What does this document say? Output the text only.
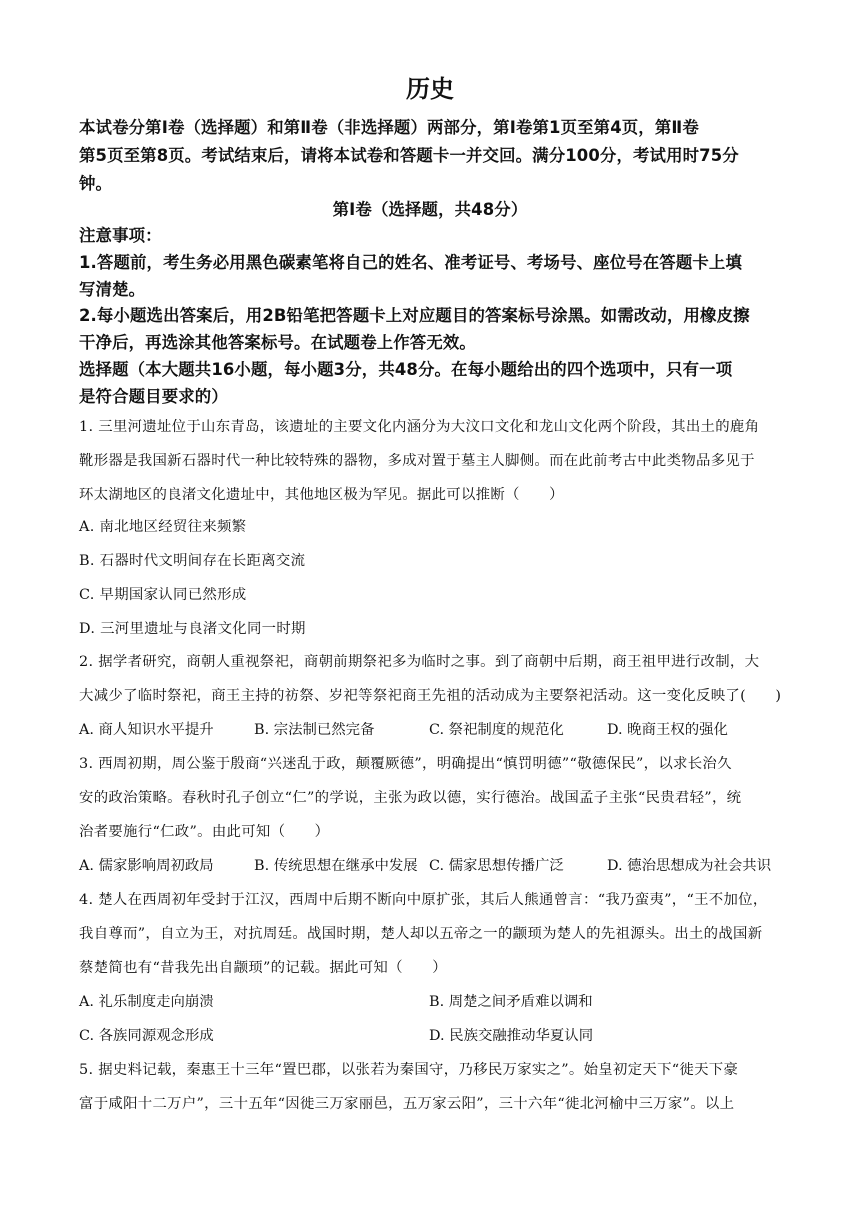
历史
本试卷分第Ⅰ卷（选择题）和第Ⅱ卷（非选择题）两部分，第Ⅰ卷第1页至第4页，第Ⅱ卷
第5页至第8页。考试结束后，请将本试卷和答题卡一并交回。满分100分，考试用时75分
钟。
第Ⅰ卷（选择题，共48分）
注意事项：
1.答题前，考生务必用黑色碳素笔将自己的姓名、准考证号、考场号、座位号在答题卡上填
写清楚。
2.每小题选出答案后，用2B铅笔把答题卡上对应题目的答案标号涂黑。如需改动，用橡皮擦
干净后，再选涂其他答案标号。在试题卷上作答无效。
选择题（本大题共16小题，每小题3分，共48分。在每小题给出的四个选项中，只有一项
是符合题目要求的）
1. 三里河遗址位于山东青岛，该遗址的主要文化内涵分为大汶口文化和龙山文化两个阶段，其出土的鹿角
靴形器是我国新石器时代一种比较特殊的器物，多成对置于墓主人脚侧。而在此前考古中此类物品多见于
环太湖地区的良渚文化遗址中，其他地区极为罕见。据此可以推断（　　）
A. 南北地区经贸往来频繁
B. 石器时代文明间存在长距离交流
C. 早期国家认同已然形成
D. 三河里遗址与良渚文化同一时期
2. 据学者研究，商朝人重视祭祀，商朝前期祭祀多为临时之事。到了商朝中后期，商王祖甲进行改制，大
大减少了临时祭祀，商王主持的祊祭、岁祀等祭祀商王先祖的活动成为主要祭祀活动。这一变化反映了(　　)
A. 商人知识水平提升	B. 宗法制已然完备	C. 祭祀制度的规范化	D. 晚商王权的强化
3. 西周初期，周公鉴于殷商“兴迷乱于政，颠覆厥德”，明确提出“慎罚明德”“敬德保民”，以求长治久
安的政治策略。春秋时孔子创立“仁”的学说，主张为政以德，实行德治。战国孟子主张“民贵君轻”，统
治者要施行“仁政”。由此可知（　　）
A. 儒家影响周初政局	B. 传统思想在继承中发展 C. 儒家思想传播广泛	D. 德治思想成为社会共识
4. 楚人在西周初年受封于江汉，西周中后期不断向中原扩张，其后人熊通曾言：“我乃蛮夷”，“王不加位，
我自尊而”，自立为王，对抗周廷。战国时期，楚人却以五帝之一的颛顼为楚人的先祖源头。出土的战国新
蔡楚简也有“昔我先出自颛顼”的记载。据此可知（　　）
A. 礼乐制度走向崩溃	B. 周楚之间矛盾难以调和
C. 各族同源观念形成	D. 民族交融推动华夏认同
5. 据史料记载，秦惠王十三年“置巴郡，以张若为秦国守，乃移民万家实之”。始皇初定天下“徙天下豪
富于咸阳十二万户”，三十五年“因徙三万家丽邑，五万家云阳”，三十六年“徙北河榆中三万家”。以上
